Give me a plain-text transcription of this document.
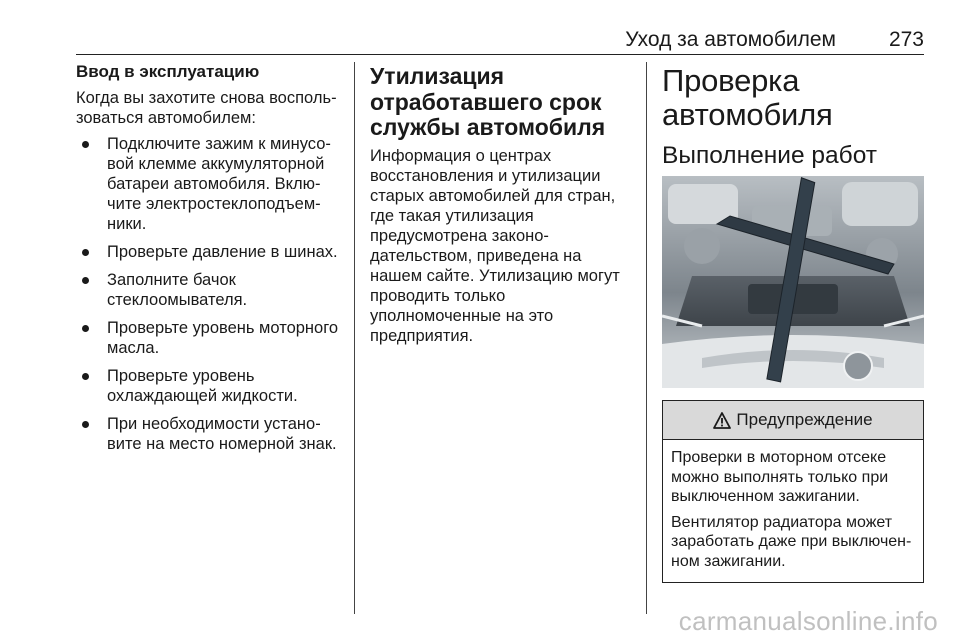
Уход за автомобилем	273
Ввод в эксплуатацию

Когда вы захотите снова воспользоваться автомобилем:

Подключите зажим к минусовой клемме аккумуляторной батареи автомобиля. Включите электростеклоподъемники.
Проверьте давление в шинах.
Заполните бачок стеклоомывателя.
Проверьте уровень моторного масла.
Проверьте уровень охлаждающей жидкости.
При необходимости установите на место номерной знак.
Утилизация отработавшего срок службы автомобиля

Информация о центрах восстановления и утилизации старых автомобилей для стран, где такая утилизация предусмотрена законодательством, приведена на нашем сайте. Утилизацию могут проводить только уполномоченные на это предприятия.

Проверка автомобиля
Выполнение работ
Предупреждение

Проверки в моторном отсеке можно выполнять только при выключенном зажигании.

Вентилятор радиатора может заработать даже при выключенном зажигании.

carmanualsonline.info
